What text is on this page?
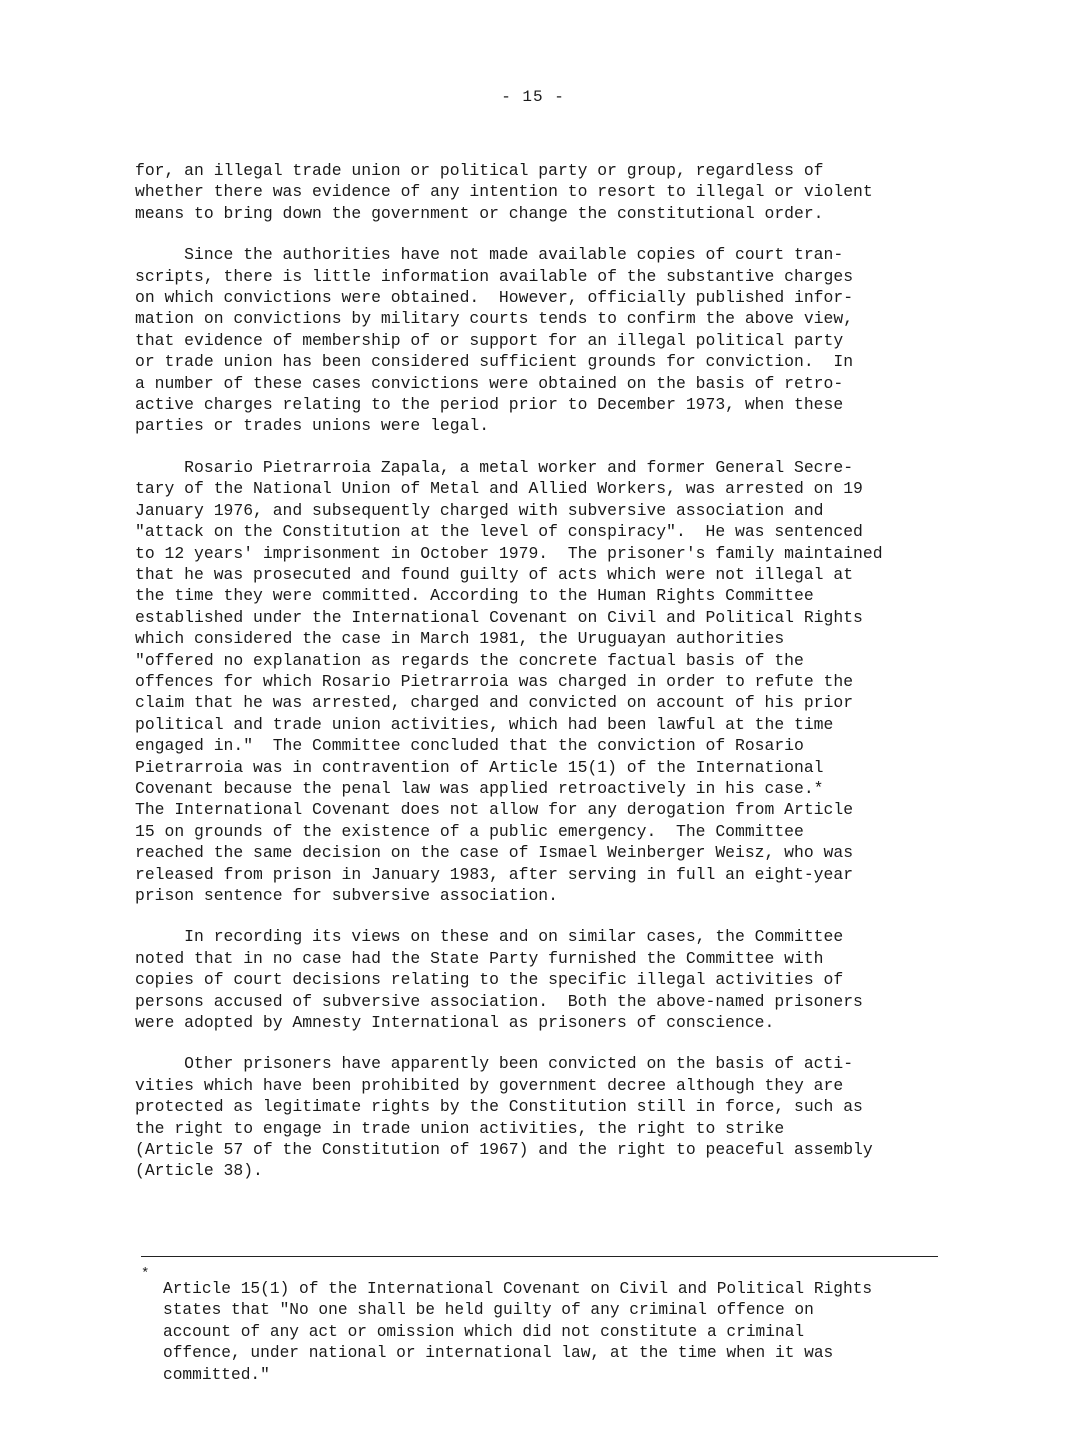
- 15 -

for, an illegal trade union or political party or group, regardless of
whether there was evidence of any intention to resort to illegal or violent
means to bring down the government or change the constitutional order.

Since the authorities have not made available copies of court tran-
scripts, there is little information available of the substantive charges
on which convictions were obtained.  However, officially published infor-
mation on convictions by military courts tends to confirm the above view,
that evidence of membership of or support for an illegal political party
or trade union has been considered sufficient grounds for conviction.  In
a number of these cases convictions were obtained on the basis of retro-
active charges relating to the period prior to December 1973, when these
parties or trades unions were legal.

Rosario Pietrarroia Zapala, a metal worker and former General Secre-
tary of the National Union of Metal and Allied Workers, was arrested on 19
January 1976, and subsequently charged with subversive association and
"attack on the Constitution at the level of conspiracy".  He was sentenced
to 12 years' imprisonment in October 1979.  The prisoner's family maintained
that he was prosecuted and found guilty of acts which were not illegal at
the time they were committed. According to the Human Rights Committee
established under the International Covenant on Civil and Political Rights
which considered the case in March 1981, the Uruguayan authorities
"offered no explanation as regards the concrete factual basis of the
offences for which Rosario Pietrarroia was charged in order to refute the
claim that he was arrested, charged and convicted on account of his prior
political and trade union activities, which had been lawful at the time
engaged in."  The Committee concluded that the conviction of Rosario
Pietrarroia was in contravention of Article 15(1) of the International
Covenant because the penal law was applied retroactively in his case.*
The International Covenant does not allow for any derogation from Article
15 on grounds of the existence of a public emergency.  The Committee
reached the same decision on the case of Ismael Weinberger Weisz, who was
released from prison in January 1983, after serving in full an eight-year
prison sentence for subversive association.

In recording its views on these and on similar cases, the Committee
noted that in no case had the State Party furnished the Committee with
copies of court decisions relating to the specific illegal activities of
persons accused of subversive association.  Both the above-named prisoners
were adopted by Amnesty International as prisoners of conscience.

Other prisoners have apparently been convicted on the basis of acti-
vities which have been prohibited by government decree although they are
protected as legitimate rights by the Constitution still in force, such as
the right to engage in trade union activities, the right to strike
(Article 57 of the Constitution of 1967) and the right to peaceful assembly
(Article 38).

*
Article 15(1) of the International Covenant on Civil and Political Rights
states that "No one shall be held guilty of any criminal offence on
account of any act or omission which did not constitute a criminal
offence, under national or international law, at the time when it was
committed."
